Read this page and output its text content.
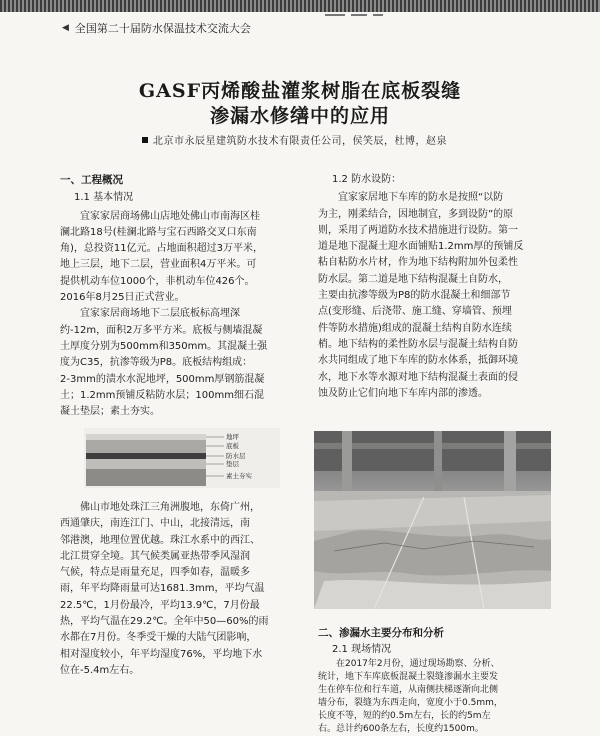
◀ 全国第二十届防水保温技术交流大会
GASF丙烯酸盐灌浆树脂在底板裂缝
渗漏水修缮中的应用
北京市永辰星建筑防水技术有限责任公司，侯笑辰，杜博，赵泉
一、工程概况
1.1 基本情况

宜家家居商场佛山店地处佛山市南海区桂
澜北路18号(桂澜北路与宝石西路交叉口东南
角)，总投资11亿元。占地面积超过3万平米，
地上三层，地下二层，营业面积4万平米。可
提供机动车位1000个，非机动车位426个。
2016年8月25日正式营业。

宜家家居商场地下二层底板标高埋深
约-12m，面积2万多平方米。底板与侧墙混凝
土厚度分别为500mm和350mm。其混凝土强
度为C35，抗渗等级为P8。底板结构组成：
2-3mm的渍水水泥地坪，500mm厚钢筋混凝
土；1.2mm预铺反粘防水层；100mm细石混
凝土垫层；素土夯实。

地坪
底板
防水层
垫层
素土夯实

佛山市地处珠江三角洲腹地，东倚广州，
西通肇庆，南连江门、中山，北接清远，南
邻港澳，地理位置优越。珠江水系中的西江、
北江贯穿全境。其气候类属亚热带季风湿润
气候，特点是雨量充足，四季如春，温暖多
雨，年平均降雨量可达1681.3mm，平均气温
22.5℃，1月份最冷，平均13.9℃，7月份最
热，平均气温在29.2℃。全年中50—60%的雨
水都在7月份。冬季受干燥的大陆气团影响，
相对湿度较小，年平均湿度76%，平均地下水
位在-5.4m左右。

1.2 防水设防：

宜家家居地下车库的防水是按照“以防
为主，刚柔结合，因地制宜，多到设防”的原
则，采用了两道防水技术措施进行设防。第一
道是地下混凝土迎水面铺贴1.2mm厚的预铺反
粘自粘防水片材，作为地下结构附加外包柔性
防水层。第二道是地下结构混凝土自防水，
主要由抗渗等级为P8的防水混凝土和细部节
点(变形缝、后浇带、施工缝、穿墙管、预埋
件等防水措施)组成的混凝土结构自防水连续
梢。地下结构的柔性防水层与混凝土结构自防
水共同组成了地下车库的防水体系，抵御环境
水，地下水等水源对地下结构混凝土表面的侵
蚀及防止它们向地下车库内部的渗透。

二、渗漏水主要分布和分析
2.1 现场情况

在2017年2月份，通过现场勘察、分析、
统计，地下车库底板混凝土裂缝渗漏水主要发
生在停车位和行车道，从南侧扶梯逐渐向北侧
墙分布，裂缝为东西走向，宽度小于0.5mm，
长度不等，短的约0.5m左右，长的约5m左
右。总计约600条左右，长度约1500m。
